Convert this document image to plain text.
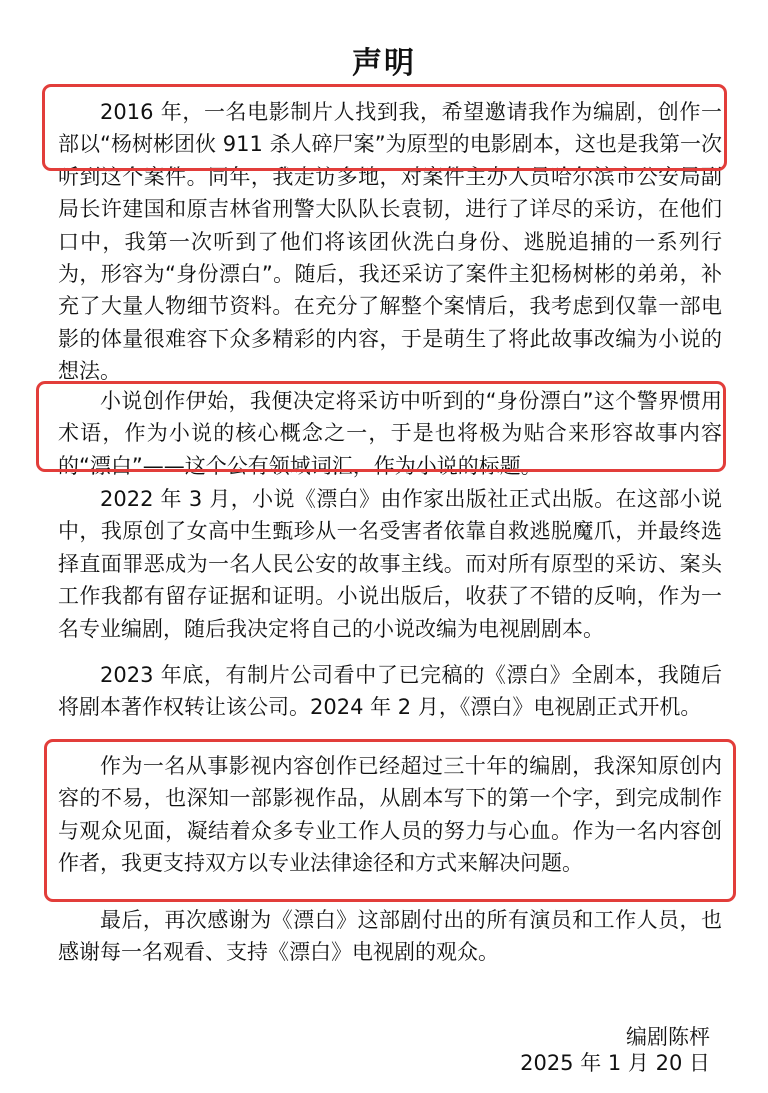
声明

2016 年，一名电影制片人找到我，希望邀请我作为编剧，创作一部以“杨树彬团伙 911 杀人碎尸案”为原型的电影剧本，这也是我第一次听到这个案件。同年，我走访多地，对案件主办人员哈尔滨市公安局副局长许建国和原吉林省刑警大队队长袁韧，进行了详尽的采访，在他们口中，我第一次听到了他们将该团伙洗白身份、逃脱追捕的一系列行为，形容为“身份漂白”。随后，我还采访了案件主犯杨树彬的弟弟，补充了大量人物细节资料。在充分了解整个案情后，我考虑到仅靠一部电影的体量很难容下众多精彩的内容，于是萌生了将此故事改编为小说的想法。

小说创作伊始，我便决定将采访中听到的“身份漂白”这个警界惯用术语，作为小说的核心概念之一，于是也将极为贴合来形容故事内容的“漂白”——这个公有领域词汇，作为小说的标题。

2022 年 3 月，小说《漂白》由作家出版社正式出版。在这部小说中，我原创了女高中生甄珍从一名受害者依靠自救逃脱魔爪，并最终选择直面罪恶成为一名人民公安的故事主线。而对所有原型的采访、案头工作我都有留存证据和证明。小说出版后，收获了不错的反响，作为一名专业编剧，随后我决定将自己的小说改编为电视剧剧本。

2023 年底，有制片公司看中了已完稿的《漂白》全剧本，我随后将剧本著作权转让该公司。2024 年 2 月，《漂白》电视剧正式开机。

作为一名从事影视内容创作已经超过三十年的编剧，我深知原创内容的不易，也深知一部影视作品，从剧本写下的第一个字，到完成制作与观众见面，凝结着众多专业工作人员的努力与心血。作为一名内容创作者，我更支持双方以专业法律途径和方式来解决问题。

最后，再次感谢为《漂白》这部剧付出的所有演员和工作人员，也感谢每一名观看、支持《漂白》电视剧的观众。

编剧陈枰
2025 年 1 月 20 日
